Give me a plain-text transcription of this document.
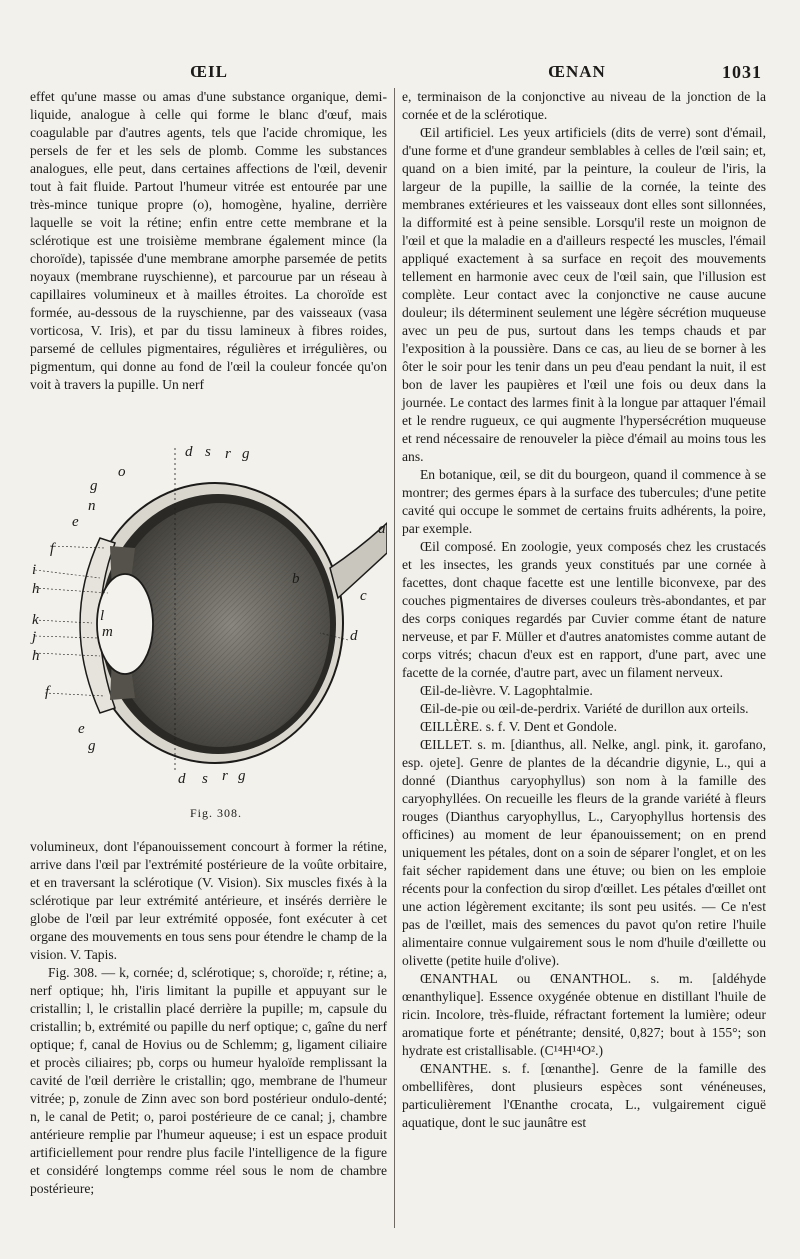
ŒIL	ŒNAN	1031

effet qu'une masse ou amas d'une substance organique, demi-liquide, analogue à celle qui forme le blanc d'œuf, mais coagulable par d'autres agents, tels que l'acide chromique, les persels de fer et les sels de plomb. Comme les substances analogues, elle peut, dans certaines affections de l'œil, devenir tout à fait fluide. Partout l'humeur vitrée est entourée par une très-mince tunique propre (o), homogène, hyaline, derrière laquelle se voit la rétine; enfin entre cette membrane et la sclérotique est une troisième membrane également mince (la choroïde), tapissée d'une membrane amorphe parsemée de petits noyaux (membrane ruyschienne), et parcourue par un réseau à capillaires volumineux et à mailles étroites. La choroïde est formée, au-dessous de la ruyschienne, par des vaisseaux (vasa vorticosa, V. Iris), et par du tissu lamineux à fibres roides, parsemé de cellules pigmentaires, régulières et irrégulières, ou pigmentum, qui donne au fond de l'œil la couleur foncée qu'on voit à travers la pupille. Un nerf

d s r g
o
g
n
e
f
i
h
k
j
h
l
m
b
a
c
d
f
e
g
d s r g
Fig. 308.

volumineux, dont l'épanouissement concourt à former la rétine, arrive dans l'œil par l'extrémité postérieure de la voûte orbitaire, et en traversant la sclérotique (V. Vision). Six muscles fixés à la sclérotique par leur extrémité antérieure, et insérés derrière le globe de l'œil par leur extrémité opposée, font exécuter à cet organe des mouvements en tous sens pour étendre le champ de la vision. V. Tapis.

Fig. 308. — k, cornée; d, sclérotique; s, choroïde; r, rétine; a, nerf optique; hh, l'iris limitant la pupille et appuyant sur le cristallin; l, le cristallin placé derrière la pupille; m, capsule du cristallin; b, extrémité ou papille du nerf optique; c, gaîne du nerf optique; f, canal de Hovius ou de Schlemm; g, ligament ciliaire et procès ciliaires; pb, corps ou humeur hyaloïde remplissant la cavité de l'œil derrière le cristallin; qgo, membrane de l'humeur vitrée; p, zonule de Zinn avec son bord postérieur ondulo-denté; n, le canal de Petit; o, paroi postérieure de ce canal; j, chambre antérieure remplie par l'humeur aqueuse; i est un espace produit artificiellement pour rendre plus facile l'intelligence de la figure et considéré longtemps comme réel sous le nom de chambre postérieure;

e, terminaison de la conjonctive au niveau de la jonction de la cornée et de la sclérotique.

Œil artificiel. Les yeux artificiels (dits de verre) sont d'émail, d'une forme et d'une grandeur semblables à celles de l'œil sain; et, quand on a bien imité, par la peinture, la couleur de l'iris, la largeur de la pupille, la saillie de la cornée, la teinte des membranes extérieures et les vaisseaux dont elles sont sillonnées, la difformité est à peine sensible. Lorsqu'il reste un moignon de l'œil et que la maladie en a d'ailleurs respecté les muscles, l'émail appliqué exactement à sa surface en reçoit des mouvements tellement en harmonie avec ceux de l'œil sain, que l'illusion est complète. Leur contact avec la conjonctive ne cause aucune douleur; ils déterminent seulement une légère sécrétion muqueuse avec un peu de pus, surtout dans les temps chauds et par l'exposition à la poussière. Dans ce cas, au lieu de se borner à les ôter le soir pour les tenir dans un peu d'eau pendant la nuit, il est bon de laver les paupières et l'œil une fois ou deux dans la journée. Le contact des larmes finit à la longue par attaquer l'émail et le rendre rugueux, ce qui augmente l'hypersécrétion muqueuse et rend nécessaire de renouveler la pièce d'émail au moins tous les ans.

En botanique, œil, se dit du bourgeon, quand il commence à se montrer; des germes épars à la surface des tubercules; d'une petite cavité qui occupe le sommet de certains fruits adhérents, la poire, par exemple.

Œil composé. En zoologie, yeux composés chez les crustacés et les insectes, les grands yeux constitués par une cornée à facettes, dont chaque facette est une lentille biconvexe, par des couches pigmentaires de diverses couleurs très-abondantes, et par des corps coniques regardés par Cuvier comme étant de nature nerveuse, et par F. Müller et d'autres anatomistes comme autant de corps vitrés; chacun d'eux est en rapport, d'une part, avec une facette de la cornée, d'autre part, avec un filament nerveux.

Œil-de-lièvre. V. Lagophtalmie.

Œil-de-pie ou œil-de-perdrix. Variété de durillon aux orteils.

ŒILLÈRE. s. f. V. Dent et Gondole.

ŒILLET. s. m. [dianthus, all. Nelke, angl. pink, it. garofano, esp. ojete]. Genre de plantes de la décandrie digynie, L., qui a donné (Dianthus caryophyllus) son nom à la famille des caryophyllées. On recueille les fleurs de la grande variété à fleurs rouges (Dianthus caryophyllus, L., Caryophyllus hortensis des officines) au moment de leur épanouissement; on en prend uniquement les pétales, dont on a soin de séparer l'onglet, et on les fait sécher rapidement dans une étuve; ou bien on les emploie récents pour la confection du sirop d'œillet. Les pétales d'œillet ont une action légèrement excitante; ils sont peu usités. — Ce n'est pas de l'œillet, mais des semences du pavot qu'on retire l'huile alimentaire connue vulgairement sous le nom d'huile d'œillette ou olivette (petite huile d'olive).

ŒNANTHAL ou ŒNANTHOL. s. m. [aldéhyde œnanthylique]. Essence oxygénée obtenue en distillant l'huile de ricin. Incolore, très-fluide, réfractant fortement la lumière; odeur aromatique forte et pénétrante; densité, 0,827; bout à 155°; son hydrate est cristallisable. (C¹⁴H¹⁴O².)

ŒNANTHE. s. f. [œnanthe]. Genre de la famille des ombellifères, dont plusieurs espèces sont vénéneuses, particulièrement l'Œnanthe crocata, L., vulgairement ciguë aquatique, dont le suc jaunâtre est
